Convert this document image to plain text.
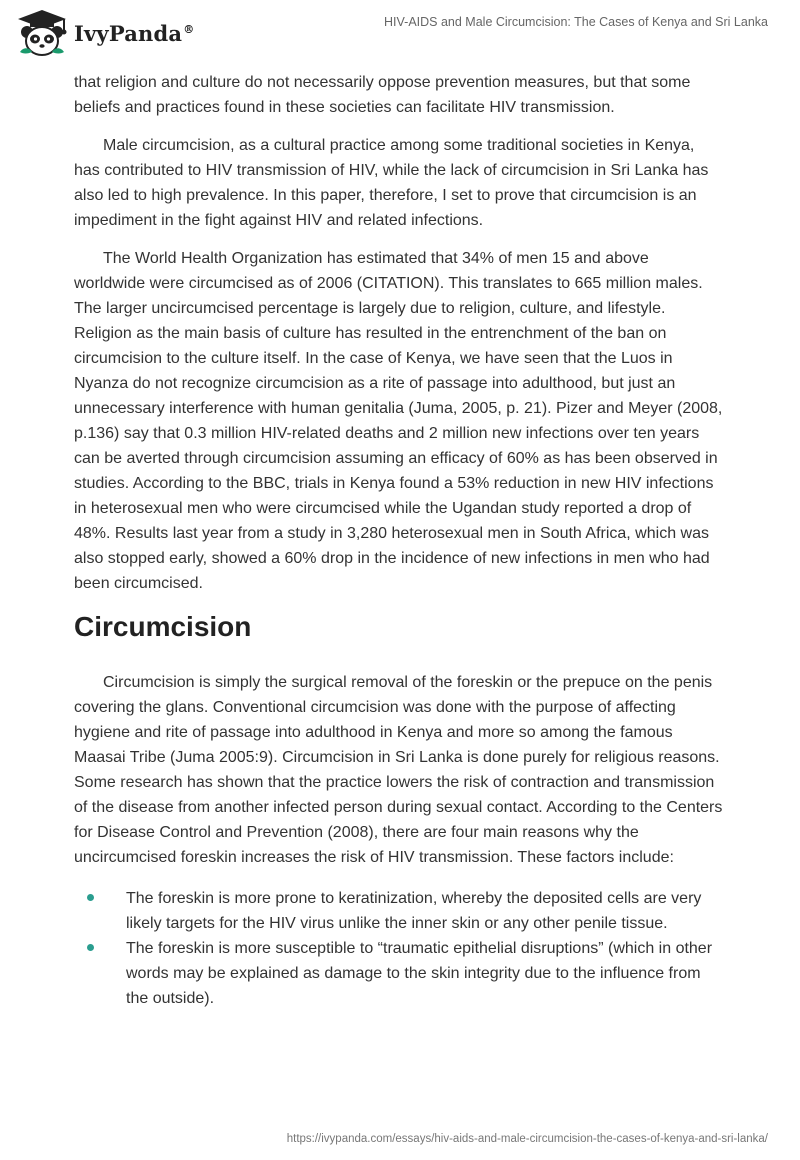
IvyPanda®	HIV-AIDS and Male Circumcision: The Cases of Kenya and Sri Lanka

that religion and culture do not necessarily oppose prevention measures, but that some beliefs and practices found in these societies can facilitate HIV transmission.

Male circumcision, as a cultural practice among some traditional societies in Kenya, has contributed to HIV transmission of HIV, while the lack of circumcision in Sri Lanka has also led to high prevalence. In this paper, therefore, I set to prove that circumcision is an impediment in the fight against HIV and related infections.

The World Health Organization has estimated that 34% of men 15 and above worldwide were circumcised as of 2006 (CITATION). This translates to 665 million males. The larger uncircumcised percentage is largely due to religion, culture, and lifestyle. Religion as the main basis of culture has resulted in the entrenchment of the ban on circumcision to the culture itself. In the case of Kenya, we have seen that the Luos in Nyanza do not recognize circumcision as a rite of passage into adulthood, but just an unnecessary interference with human genitalia (Juma, 2005, p. 21). Pizer and Meyer (2008, p.136) say that 0.3 million HIV-related deaths and 2 million new infections over ten years can be averted through circumcision assuming an efficacy of 60% as has been observed in studies. According to the BBC, trials in Kenya found a 53% reduction in new HIV infections in heterosexual men who were circumcised while the Ugandan study reported a drop of 48%. Results last year from a study in 3,280 heterosexual men in South Africa, which was also stopped early, showed a 60% drop in the incidence of new infections in men who had been circumcised.

Circumcision

Circumcision is simply the surgical removal of the foreskin or the prepuce on the penis covering the glans. Conventional circumcision was done with the purpose of affecting hygiene and rite of passage into adulthood in Kenya and more so among the famous Maasai Tribe (Juma 2005:9). Circumcision in Sri Lanka is done purely for religious reasons. Some research has shown that the practice lowers the risk of contraction and transmission of the disease from another infected person during sexual contact. According to the Centers for Disease Control and Prevention (2008), there are four main reasons why the uncircumcised foreskin increases the risk of HIV transmission. These factors include:

The foreskin is more prone to keratinization, whereby the deposited cells are very likely targets for the HIV virus unlike the inner skin or any other penile tissue.
The foreskin is more susceptible to “traumatic epithelial disruptions” (which in other words may be explained as damage to the skin integrity due to the influence from the outside).
https://ivypanda.com/essays/hiv-aids-and-male-circumcision-the-cases-of-kenya-and-sri-lanka/
